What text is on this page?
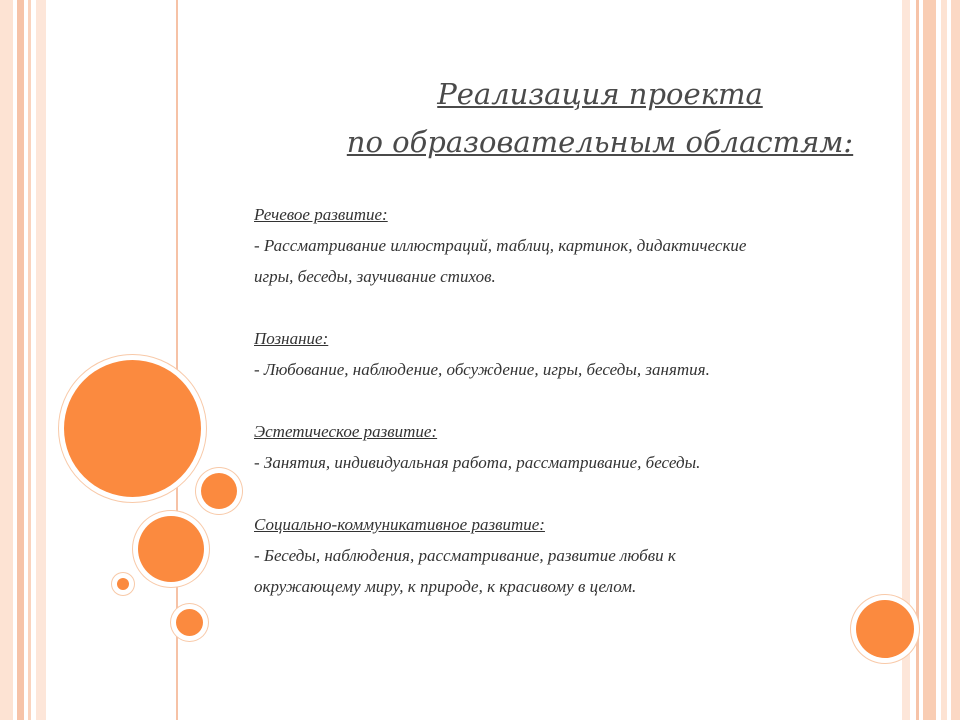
Реализация проекта
по образовательным областям:
Речевое развитие:
- Рассматривание иллюстраций, таблиц, картинок, дидактические
игры, беседы, заучивание стихов.
Познание:
- Любование, наблюдение, обсуждение, игры, беседы, занятия.
Эстетическое развитие:
- Занятия, индивидуальная работа, рассматривание, беседы.
Социально-коммуникативное развитие:
- Беседы, наблюдения, рассматривание, развитие любви к
окружающему миру, к природе, к красивому в целом.
